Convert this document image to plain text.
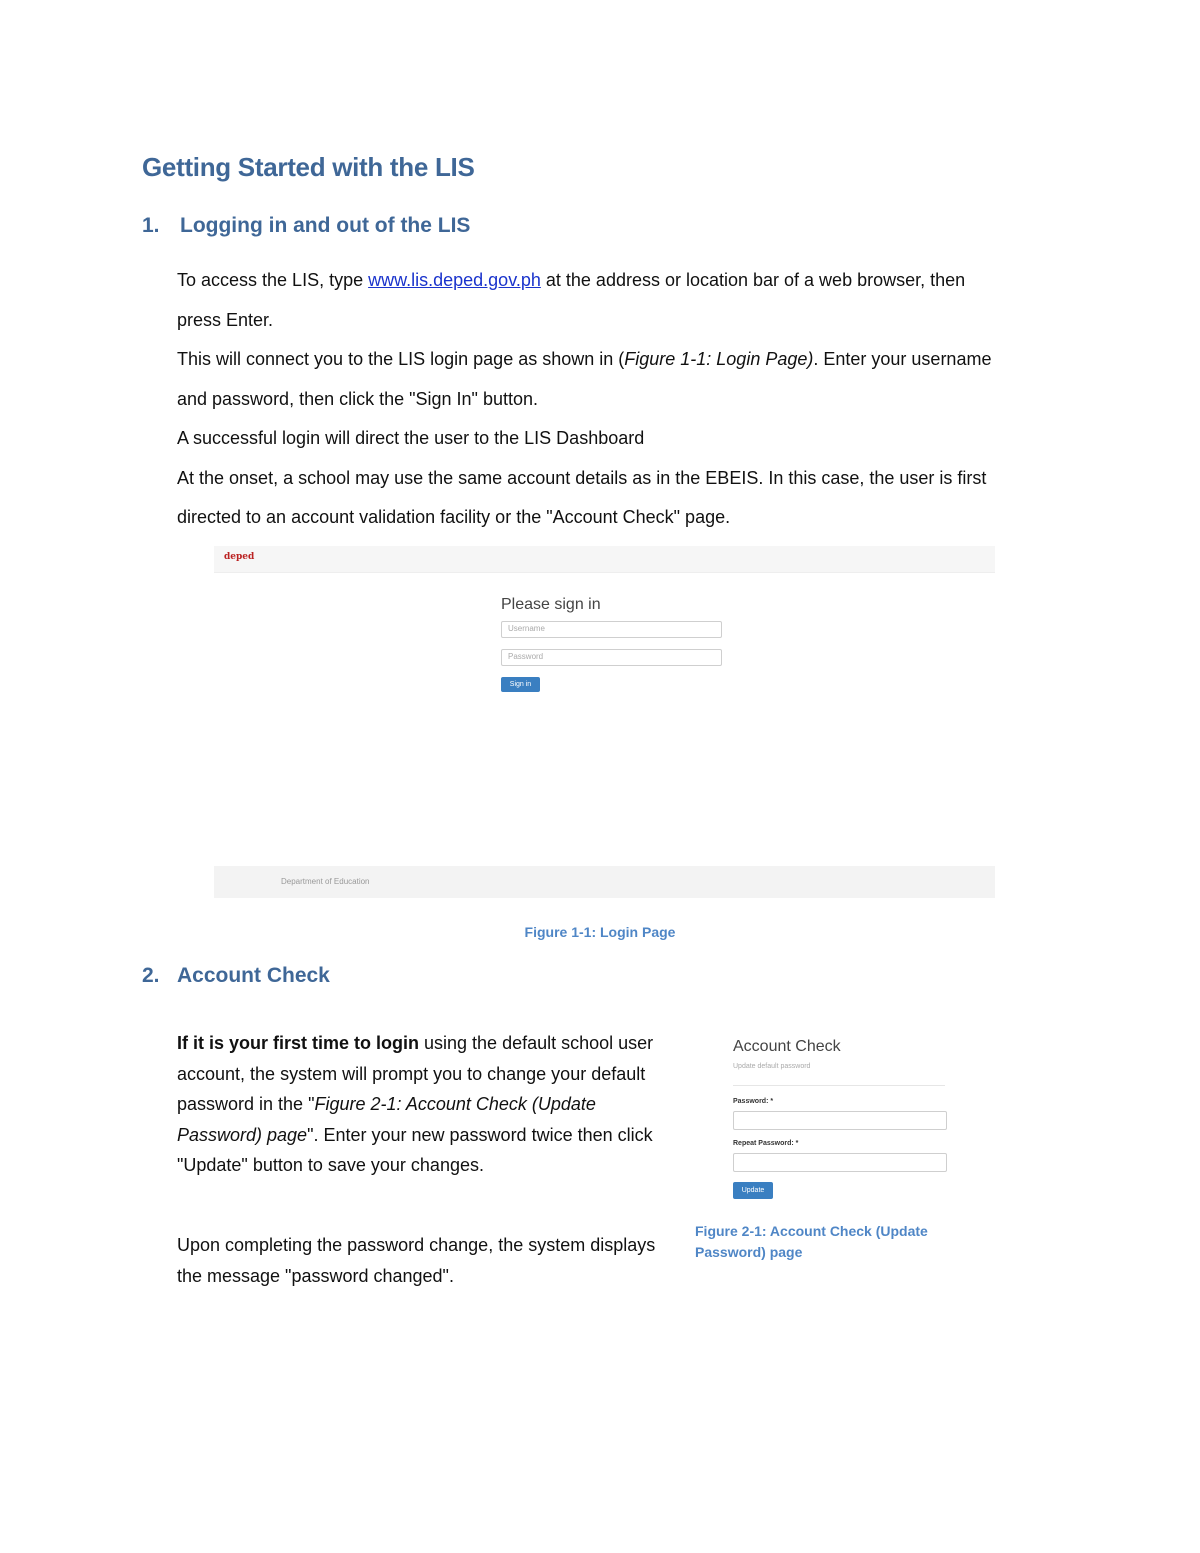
Getting Started with the LIS
1. Logging in and out of the LIS
To access the LIS, type www.lis.deped.gov.ph at the address or location bar of a web browser, then
press Enter.
This will connect you to the LIS login page as shown in (Figure 1-1: Login Page). Enter your username
and password, then click the "Sign In" button.
A successful login will direct the user to the LIS Dashboard
At the onset, a school may use the same account details as in the EBEIS. In this case, the user is first
directed to an account validation facility or the "Account Check" page.
deped
Please sign in
Username
Password
Sign in
Department of Education
Figure 1-1: Login Page
2. Account Check

If it is your first time to login using the default school user account, the system will prompt you to change your default password in the "Figure 2-1: Account Check (Update Password) page". Enter your new password twice then click "Update" button to save your changes.

Upon completing the password change, the system displays the message "password changed".

Account Check
Update default password
Password: *
Repeat Password: *
Update
Figure 2-1: Account Check (Update Password) page
